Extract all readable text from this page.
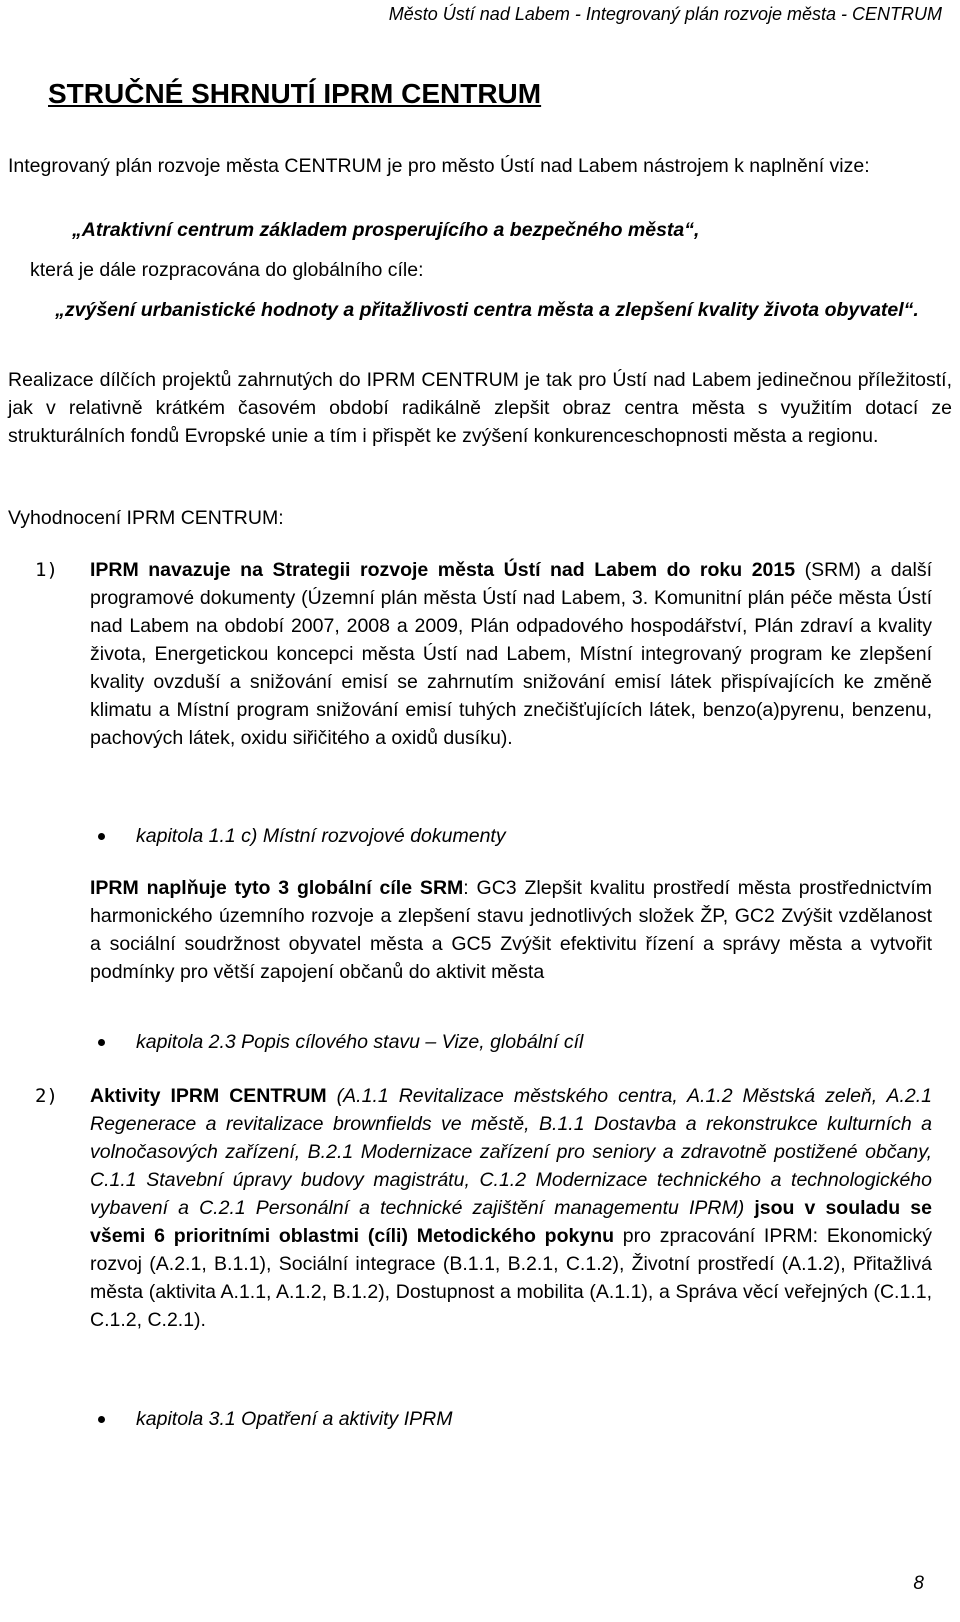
Město Ústí nad Labem - Integrovaný plán rozvoje města - CENTRUM
STRUČNÉ SHRNUTÍ IPRM CENTRUM
Integrovaný plán rozvoje města CENTRUM je pro město Ústí nad Labem nástrojem k naplnění vize:
„Atraktivní centrum základem prosperujícího a bezpečného města“,
která je dále rozpracována do globálního cíle:
„zvýšení urbanistické hodnoty a přitažlivosti centra města a zlepšení kvality života obyvatel“.
Realizace dílčích projektů zahrnutých do IPRM CENTRUM je tak pro Ústí nad Labem jedinečnou příležitostí, jak v relativně krátkém časovém období radikálně zlepšit obraz centra města s využitím dotací ze strukturálních fondů Evropské unie a tím i přispět ke zvýšení konkurenceschopnosti města a regionu.
Vyhodnocení IPRM CENTRUM:
1) IPRM navazuje na Strategii rozvoje města Ústí nad Labem do roku 2015 (SRM) a další programové dokumenty (Územní plán města Ústí nad Labem, 3. Komunitní plán péče města Ústí nad Labem na období 2007, 2008 a 2009, Plán odpadového hospodářství, Plán zdraví a kvality života, Energetickou koncepci města Ústí nad Labem, Místní integrovaný program ke zlepšení kvality ovzduší a snižování emisí se zahrnutím snižování emisí látek přispívajících ke změně klimatu a Místní program snižování emisí tuhých znečišťujících látek, benzo(a)pyrenu, benzenu, pachových látek, oxidu siřičitého a oxidů dusíku).
kapitola 1.1 c) Místní rozvojové dokumenty
IPRM naplňuje tyto 3 globální cíle SRM: GC3 Zlepšit kvalitu prostředí města prostřednictvím harmonického územního rozvoje a zlepšení stavu jednotlivých složek ŽP, GC2 Zvýšit vzdělanost a sociální soudržnost obyvatel města a GC5 Zvýšit efektivitu řízení a správy města a vytvořit podmínky pro větší zapojení občanů do aktivit města
kapitola 2.3 Popis cílového stavu – Vize, globální cíl
2) Aktivity IPRM CENTRUM (A.1.1 Revitalizace městského centra, A.1.2 Městská zeleň, A.2.1 Regenerace a revitalizace brownfields ve městě, B.1.1 Dostavba a rekonstrukce kulturních a volnočasových zařízení, B.2.1 Modernizace zařízení pro seniory a zdravotně postižené občany, C.1.1 Stavební úpravy budovy magistrátu, C.1.2 Modernizace technického a technologického vybavení a C.2.1 Personální a technické zajištění managementu IPRM) jsou v souladu se všemi 6 prioritními oblastmi (cíli) Metodického pokynu pro zpracování IPRM: Ekonomický rozvoj (A.2.1, B.1.1), Sociální integrace (B.1.1, B.2.1, C.1.2), Životní prostředí (A.1.2), Přitažlivá města (aktivita A.1.1, A.1.2, B.1.2), Dostupnost a mobilita (A.1.1), a Správa věcí veřejných (C.1.1, C.1.2, C.2.1).
kapitola 3.1 Opatření a aktivity IPRM
8
